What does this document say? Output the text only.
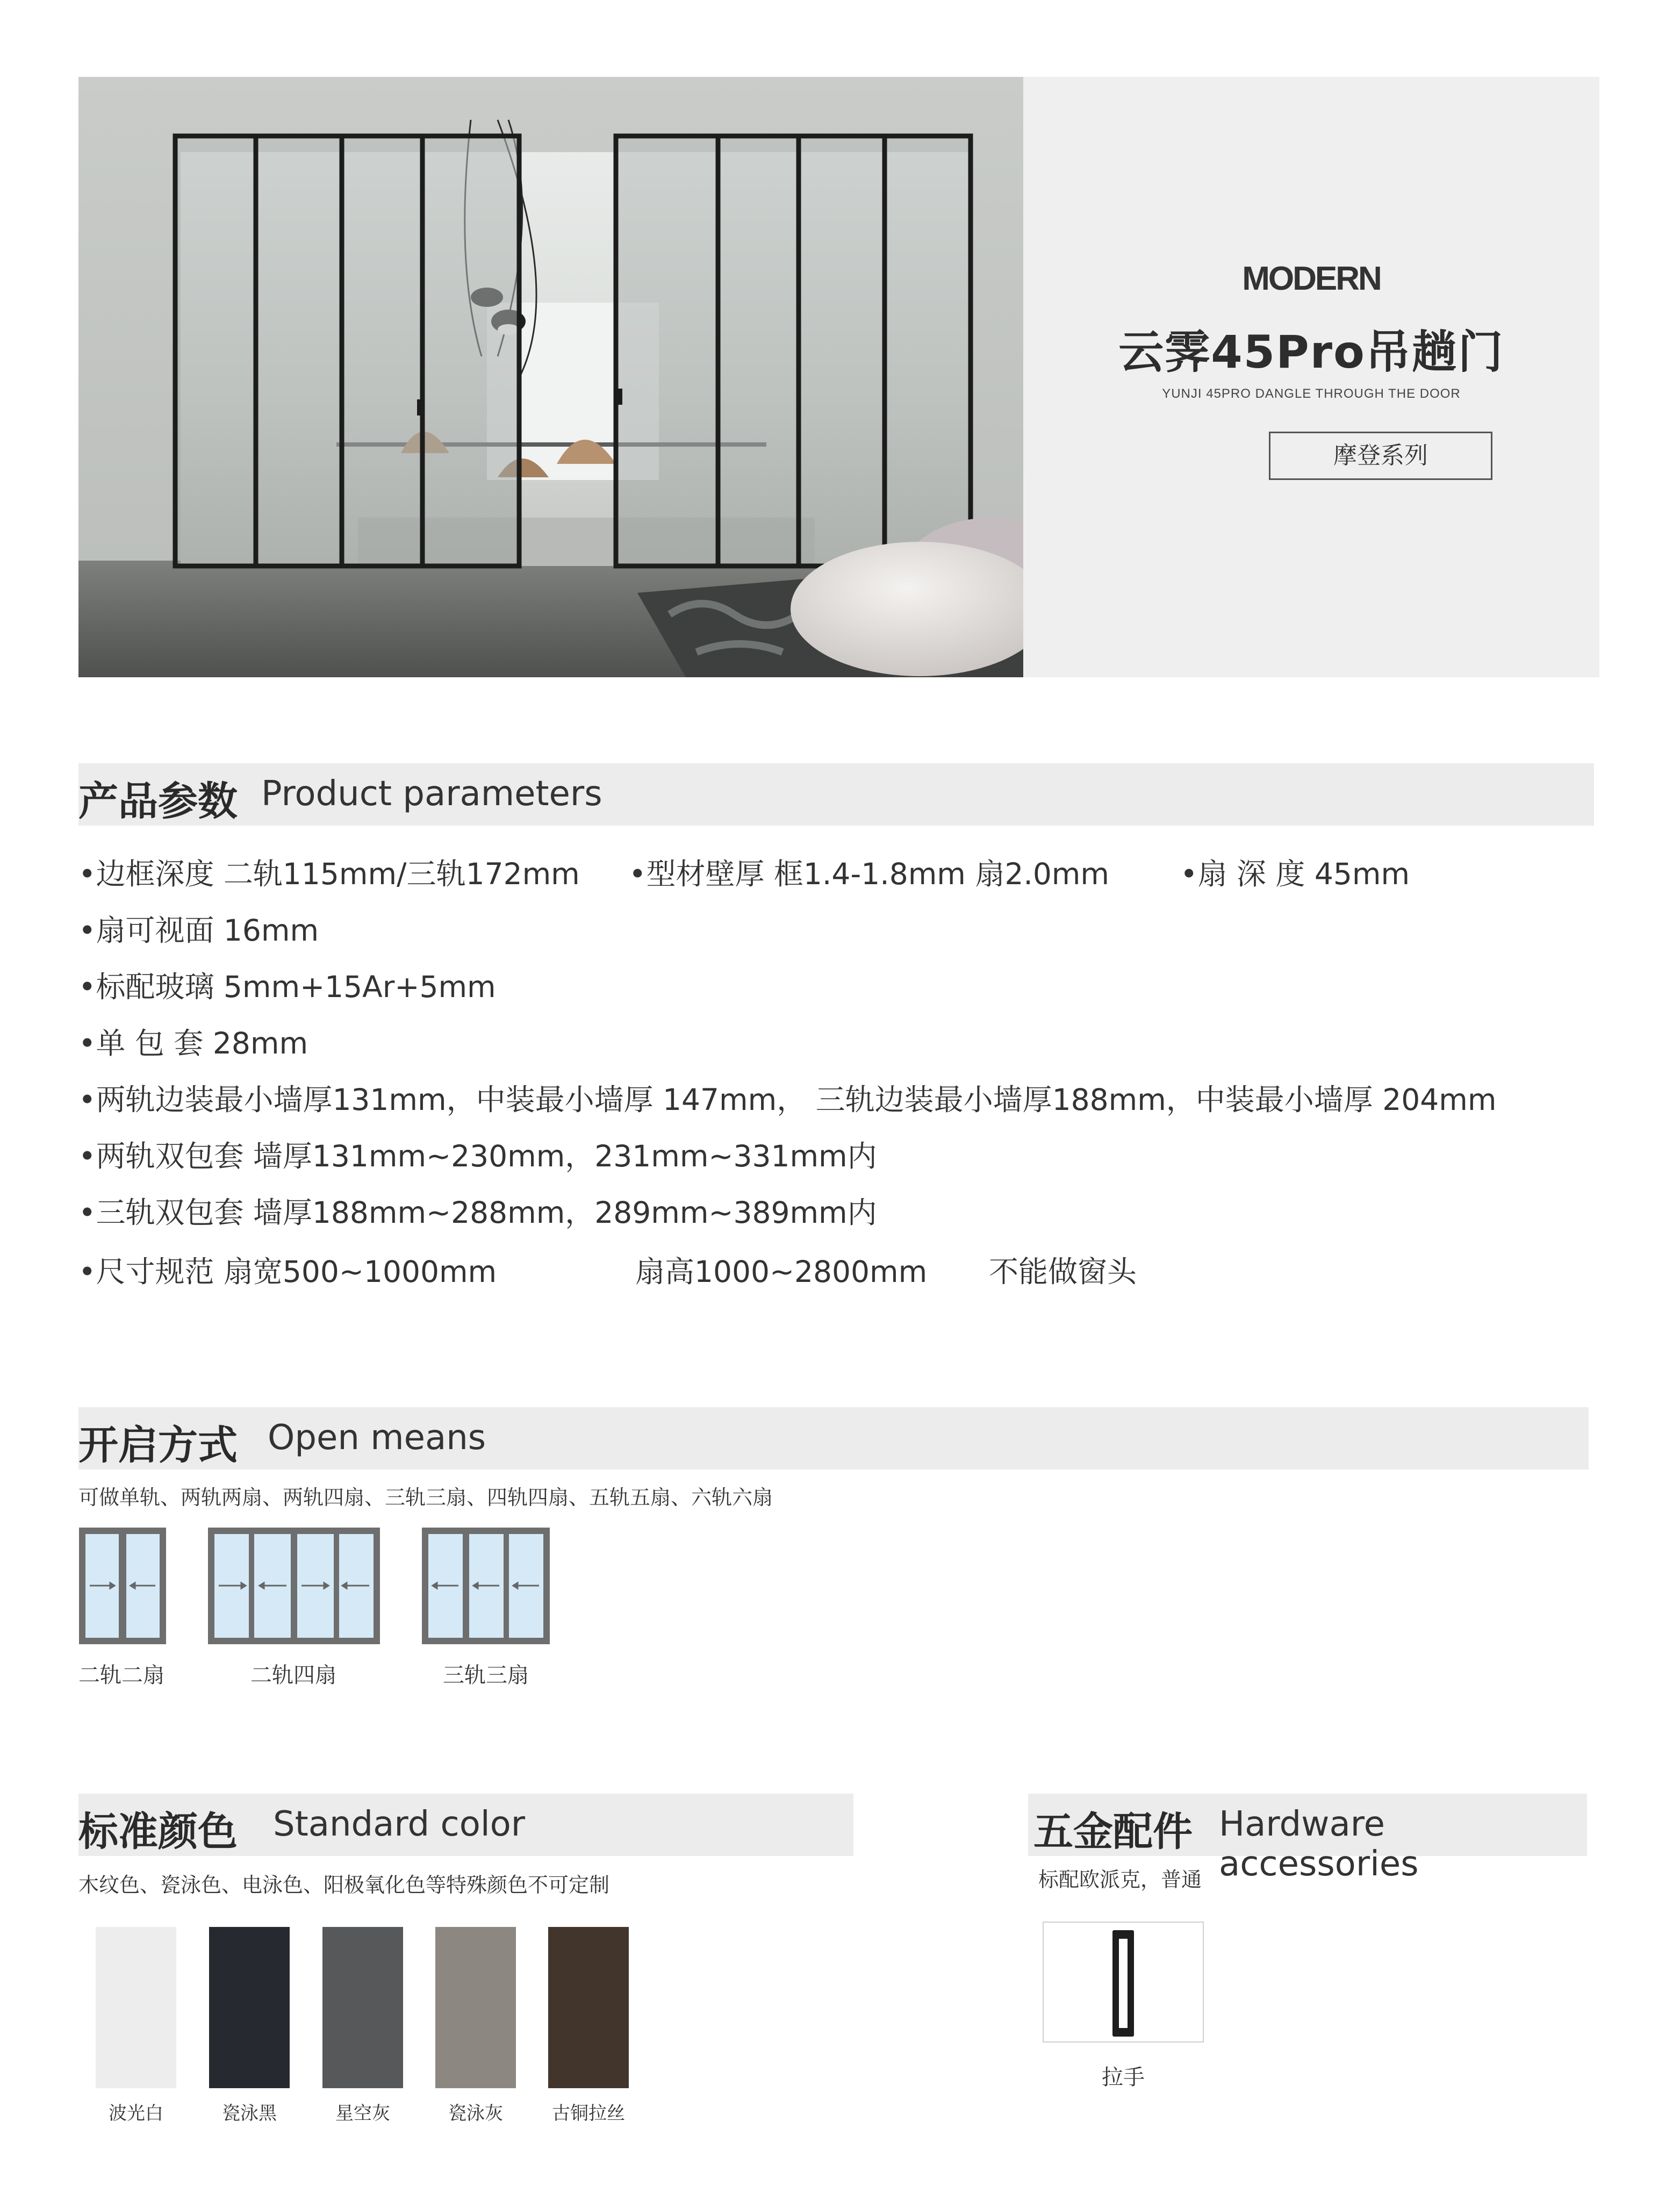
MODERN
云霁45Pro吊趟门
YUNJI 45PRO DANGLE THROUGH THE DOOR
摩登系列
产品参数 Product parameters
•边框深度 二轨115mm/三轨172mm •型材壁厚 框1.4-1.8mm 扇2.0mm •扇 深 度 45mm
•扇可视面 16mm
•标配玻璃 5mm+15Ar+5mm
•单 包 套 28mm
•两轨边装最小墙厚131mm，中装最小墙厚 147mm， 三轨边装最小墙厚188mm，中装最小墙厚 204mm
•两轨双包套 墙厚131mm~230mm，231mm~331mm内
•三轨双包套 墙厚188mm~288mm，289mm~389mm内
•尺寸规范 扇宽500~1000mm	扇高1000~2800mm 不能做窗头
开启方式 Open means
可做单轨、两轨两扇、两轨四扇、三轨三扇、四轨四扇、五轨五扇、六轨六扇
二轨二扇	二轨四扇	三轨三扇
标准颜色 Standard color
木纹色、瓷泳色、电泳色、阳极氧化色等特殊颜色不可定制
波光白	瓷泳黑	星空灰	瓷泳灰	古铜拉丝
五金配件 Hardware accessories
标配欧派克，普通
拉手
